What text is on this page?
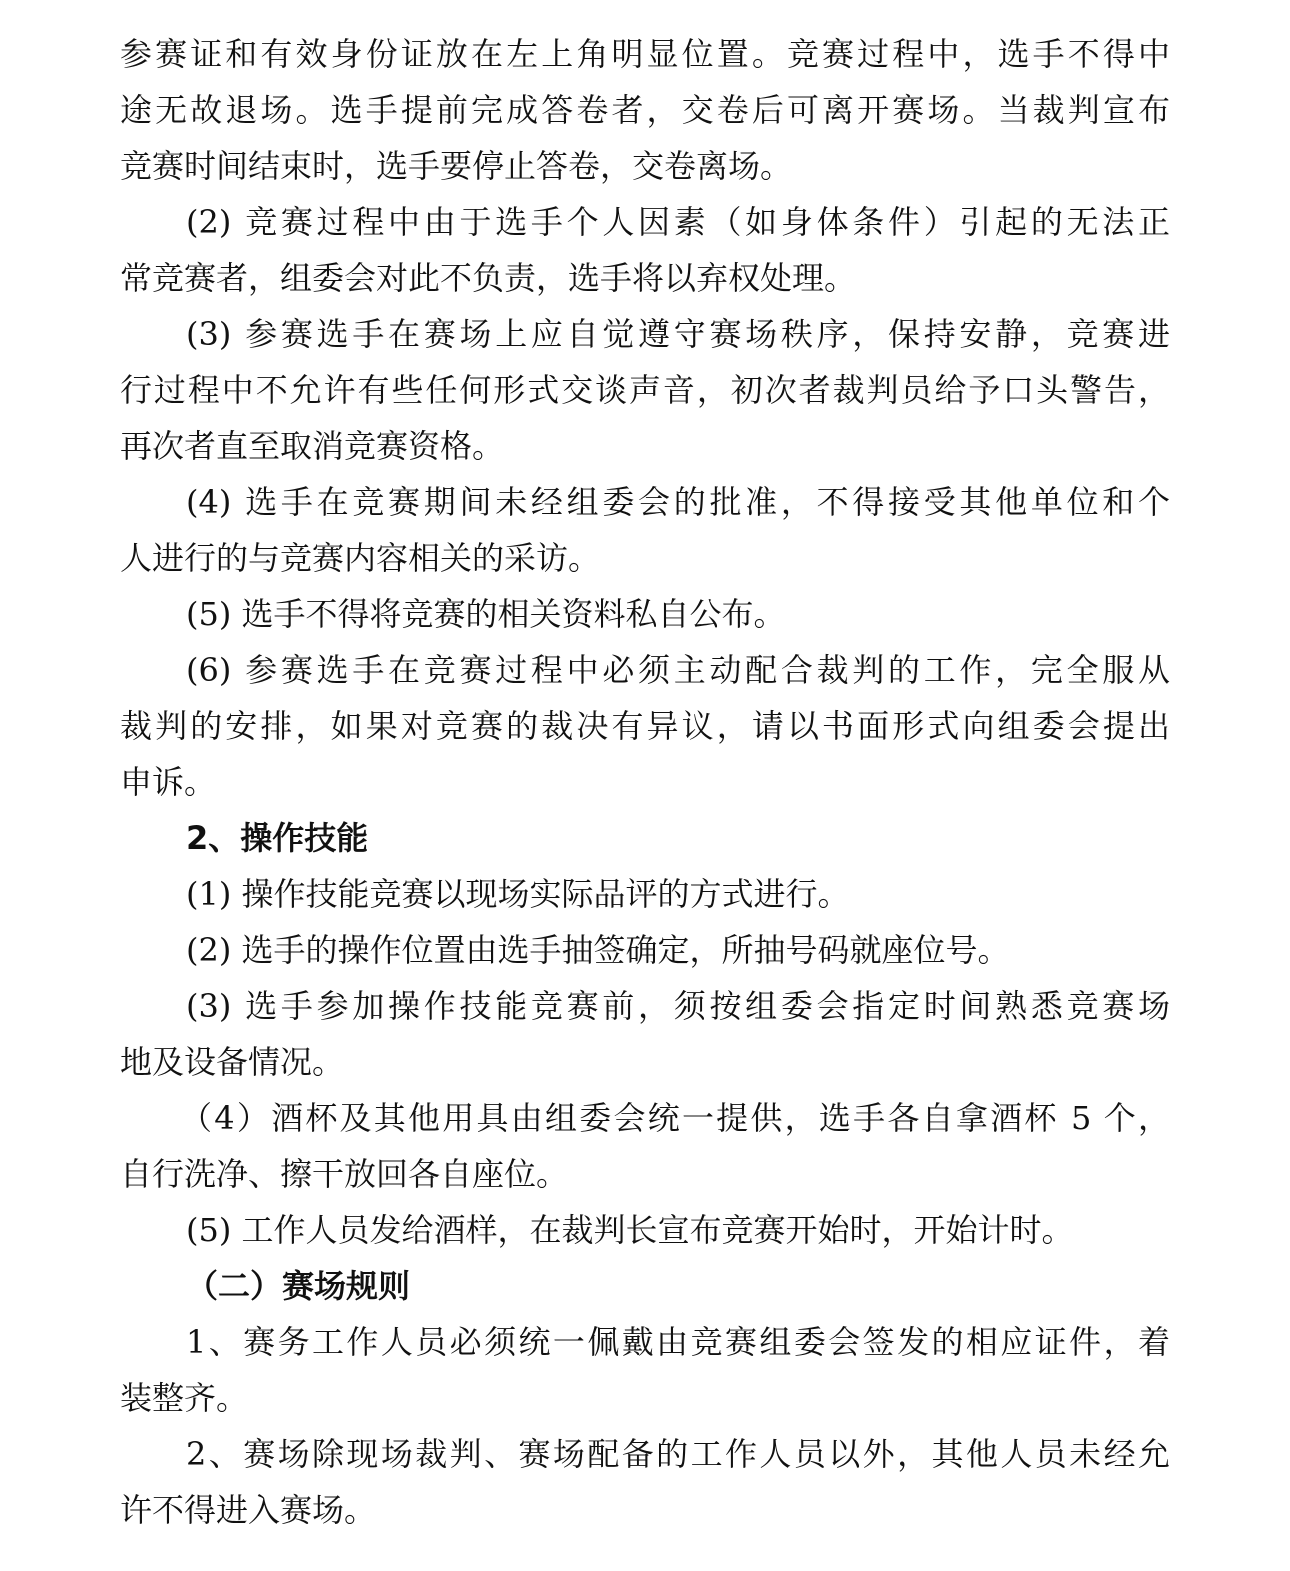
参赛证和有效身份证放在左上角明显位置。竞赛过程中，选手不得中
途无故退场。选手提前完成答卷者，交卷后可离开赛场。当裁判宣布
竞赛时间结束时，选手要停止答卷，交卷离场。
(2) 竞赛过程中由于选手个人因素（如身体条件）引起的无法正
常竞赛者，组委会对此不负责，选手将以弃权处理。
(3) 参赛选手在赛场上应自觉遵守赛场秩序，保持安静，竞赛进
行过程中不允许有些任何形式交谈声音，初次者裁判员给予口头警告，
再次者直至取消竞赛资格。
(4) 选手在竞赛期间未经组委会的批准，不得接受其他单位和个
人进行的与竞赛内容相关的采访。
(5) 选手不得将竞赛的相关资料私自公布。
(6) 参赛选手在竞赛过程中必须主动配合裁判的工作，完全服从
裁判的安排，如果对竞赛的裁决有异议，请以书面形式向组委会提出
申诉。
2、操作技能
(1) 操作技能竞赛以现场实际品评的方式进行。
(2) 选手的操作位置由选手抽签确定，所抽号码就座位号。
(3) 选手参加操作技能竞赛前，须按组委会指定时间熟悉竞赛场
地及设备情况。
（4）酒杯及其他用具由组委会统一提供，选手各自拿酒杯 5 个，
自行洗净、擦干放回各自座位。
(5) 工作人员发给酒样，在裁判长宣布竞赛开始时，开始计时。
（二）赛场规则
1、赛务工作人员必须统一佩戴由竞赛组委会签发的相应证件，着
装整齐。
2、赛场除现场裁判、赛场配备的工作人员以外，其他人员未经允
许不得进入赛场。
